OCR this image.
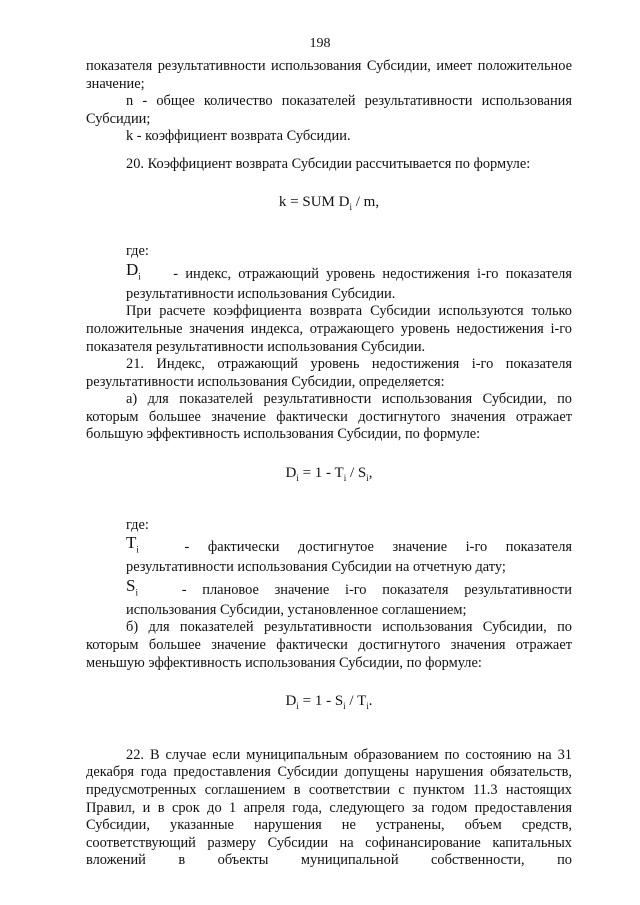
198

показателя результативности использования Субсидии, имеет положительное значение;

n - общее количество показателей результативности использования Субсидии;

k - коэффициент возврата Субсидии.

20. Коэффициент возврата Субсидии рассчитывается по формуле:

k = SUM $D_i$ / m,

где:

$D_i$ - индекс, отражающий уровень недостижения i-го показателя результативности использования Субсидии.

При расчете коэффициента возврата Субсидии используются только положительные значения индекса, отражающего уровень недостижения i-го показателя результативности использования Субсидии.

21. Индекс, отражающий уровень недостижения i-го показателя результативности использования Субсидии, определяется:

а) для показателей результативности использования Субсидии, по которым большее значение фактически достигнутого значения отражает большую эффективность использования Субсидии, по формуле:

$D_i = 1 - T_i / S_i$,

где:

$T_i$ - фактически достигнутое значение i-го показателя результативности использования Субсидии на отчетную дату;

$S_i$ - плановое значение i-го показателя результативности использования Субсидии, установленное соглашением;

б) для показателей результативности использования Субсидии, по которым большее значение фактически достигнутого значения отражает меньшую эффективность использования Субсидии, по формуле:

$D_i = 1 - S_i / T_i$.

22. В случае если муниципальным образованием по состоянию на 31 декабря года предоставления Субсидии допущены нарушения обязательств, предусмотренных соглашением в соответствии с пунктом 11.3 настоящих Правил, и в срок до 1 апреля года, следующего за годом предоставления Субсидии, указанные нарушения не устранены, объем средств, соответствующий размеру Субсидии на софинансирование капитальных вложений в объекты муниципальной собственности, по
